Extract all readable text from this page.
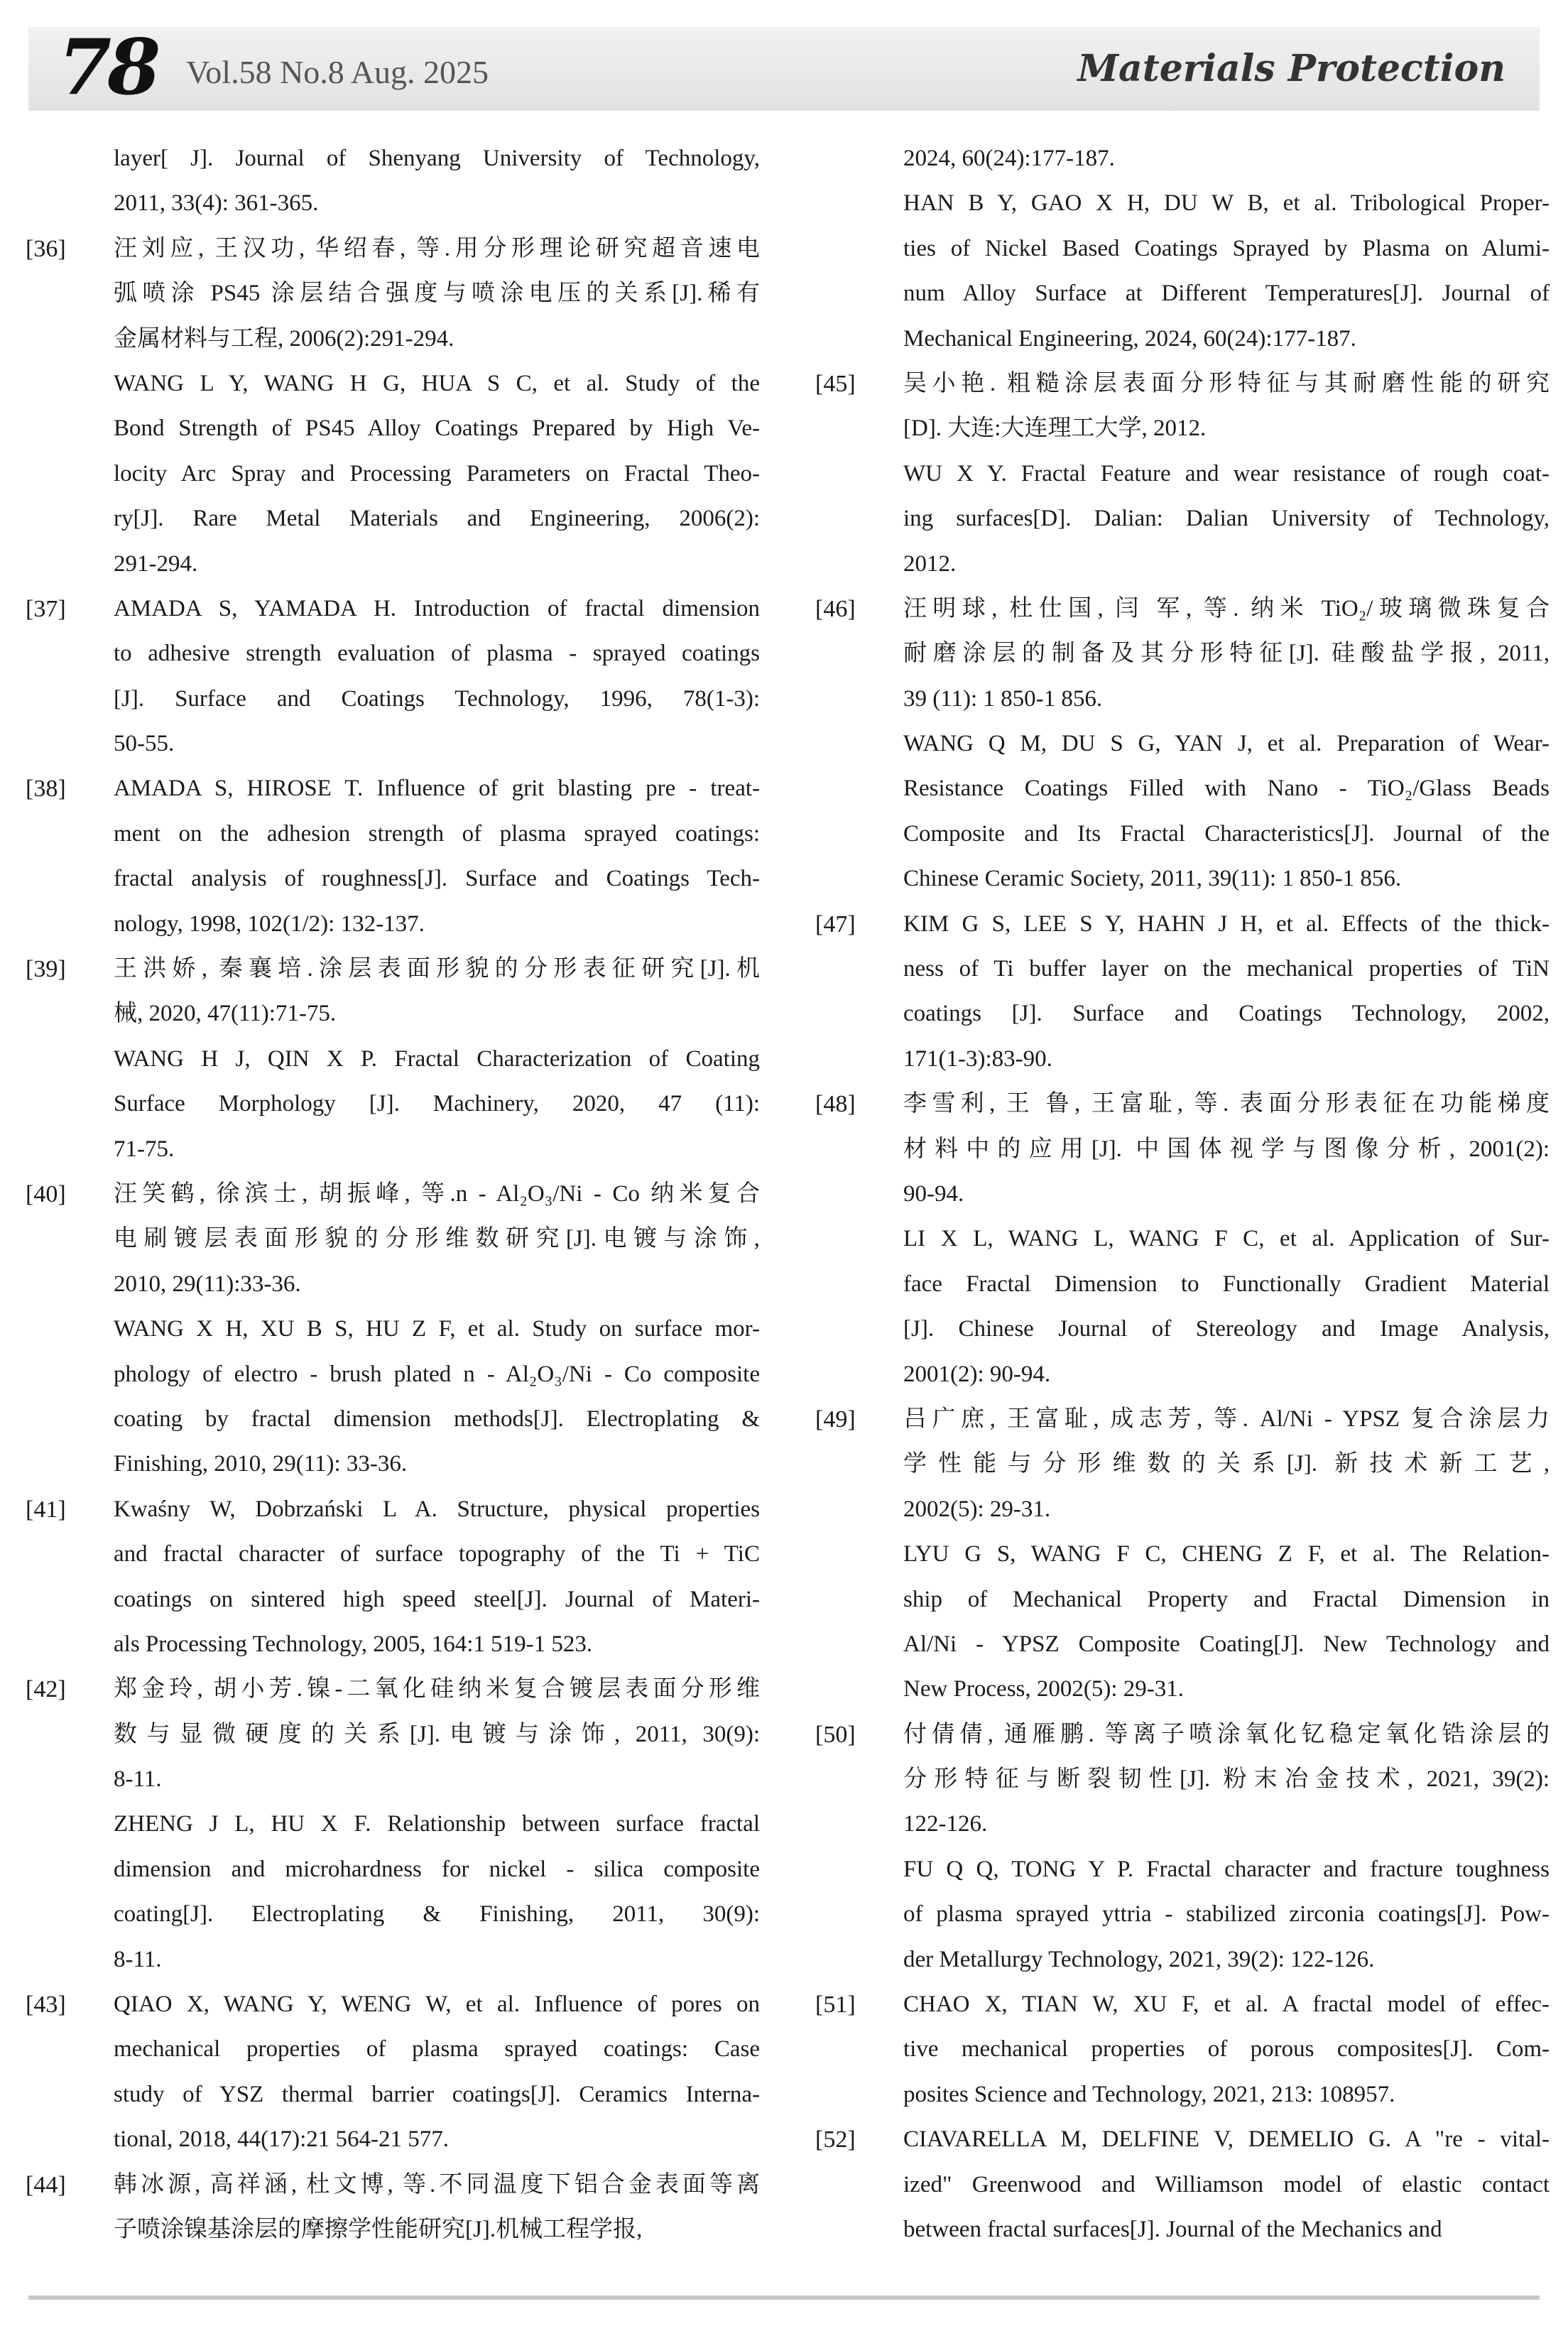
78 Vol.58 No.8 Aug. 2025	Materials Protection
layer[ J]. Journal of Shenyang University of Technology,
2011, 33(4): 361-365.
[36]	汪刘应, 王汉功, 华绍春, 等.用分形理论研究超音速电
弧喷涂 PS45 涂层结合强度与喷涂电压的关系[J].稀有
金属材料与工程, 2006(2):291-294.
WANG L Y, WANG H G, HUA S C, et al. Study of the
Bond Strength of PS45 Alloy Coatings Prepared by High Ve-
locity Arc Spray and Processing Parameters on Fractal Theo-
ry[J]. Rare Metal Materials and Engineering, 2006(2):
291-294.
[37]	AMADA S, YAMADA H. Introduction of fractal dimension
to adhesive strength evaluation of plasma - sprayed coatings
[J]. Surface and Coatings Technology, 1996, 78(1-3):
50-55.
[38]	AMADA S, HIROSE T. Influence of grit blasting pre - treat-
ment on the adhesion strength of plasma sprayed coatings:
fractal analysis of roughness[J]. Surface and Coatings Tech-
nology, 1998, 102(1/2): 132-137.
[39]	王洪娇, 秦襄培.涂层表面形貌的分形表征研究[J].机
械, 2020, 47(11):71-75.
WANG H J, QIN X P. Fractal Characterization of Coating
Surface Morphology [J]. Machinery, 2020, 47 (11):
71-75.
[40]	汪笑鹤, 徐滨士, 胡振峰, 等.n - Al₂O₃/Ni - Co 纳米复合
电刷镀层表面形貌的分形维数研究[J].电镀与涂饰,
2010, 29(11):33-36.
WANG X H, XU B S, HU Z F, et al. Study on surface mor-
phology of electro - brush plated n - Al₂O₃/Ni - Co composite
coating by fractal dimension methods[J]. Electroplating &
Finishing, 2010, 29(11): 33-36.
[41]	Kwaśny W, Dobrzański L A. Structure, physical properties
and fractal character of surface topography of the Ti + TiC
coatings on sintered high speed steel[J]. Journal of Materi-
als Processing Technology, 2005, 164:1 519-1 523.
[42]	郑金玲, 胡小芳.镍-二氧化硅纳米复合镀层表面分形维
数与显微硬度的关系[J].电镀与涂饰, 2011, 30(9):
8-11.
ZHENG J L, HU X F. Relationship between surface fractal
dimension and microhardness for nickel - silica composite
coating[J]. Electroplating & Finishing, 2011, 30(9):
8-11.
[43]	QIAO X, WANG Y, WENG W, et al. Influence of pores on
mechanical properties of plasma sprayed coatings: Case
study of YSZ thermal barrier coatings[J]. Ceramics Interna-
tional, 2018, 44(17):21 564-21 577.
[44]	韩冰源, 高祥涵, 杜文博, 等.不同温度下铝合金表面等离
子喷涂镍基涂层的摩擦学性能研究[J].机械工程学报,
2024, 60(24):177-187.
HAN B Y, GAO X H, DU W B, et al. Tribological Proper-
ties of Nickel Based Coatings Sprayed by Plasma on Alumi-
num Alloy Surface at Different Temperatures[J]. Journal of
Mechanical Engineering, 2024, 60(24):177-187.
[45]	吴小艳. 粗糙涂层表面分形特征与其耐磨性能的研究
[D]. 大连:大连理工大学, 2012.
WU X Y. Fractal Feature and wear resistance of rough coat-
ing surfaces[D]. Dalian: Dalian University of Technology,
2012.
[46]	汪明球, 杜仕国, 闫 军, 等. 纳米 TiO₂/玻璃微珠复合
耐磨涂层的制备及其分形特征[J]. 硅酸盐学报, 2011,
39 (11): 1 850-1 856.
WANG Q M, DU S G, YAN J, et al. Preparation of Wear-
Resistance Coatings Filled with Nano - TiO₂/Glass Beads
Composite and Its Fractal Characteristics[J]. Journal of the
Chinese Ceramic Society, 2011, 39(11): 1 850-1 856.
[47]	KIM G S, LEE S Y, HAHN J H, et al. Effects of the thick-
ness of Ti buffer layer on the mechanical properties of TiN
coatings [J]. Surface and Coatings Technology, 2002,
171(1-3):83-90.
[48]	李雪利, 王 鲁, 王富耻, 等. 表面分形表征在功能梯度
材料中的应用[J]. 中国体视学与图像分析, 2001(2):
90-94.
LI X L, WANG L, WANG F C, et al. Application of Sur-
face Fractal Dimension to Functionally Gradient Material
[J]. Chinese Journal of Stereology and Image Analysis,
2001(2): 90-94.
[49]	吕广庶, 王富耻, 成志芳, 等. Al/Ni - YPSZ 复合涂层力
学性能与分形维数的关系[J]. 新技术新工艺,
2002(5): 29-31.
LYU G S, WANG F C, CHENG Z F, et al. The Relation-
ship of Mechanical Property and Fractal Dimension in
Al/Ni - YPSZ Composite Coating[J]. New Technology and
New Process, 2002(5): 29-31.
[50]	付倩倩, 通雁鹏. 等离子喷涂氧化钇稳定氧化锆涂层的
分形特征与断裂韧性[J]. 粉末冶金技术, 2021, 39(2):
122-126.
FU Q Q, TONG Y P. Fractal character and fracture toughness
of plasma sprayed yttria - stabilized zirconia coatings[J]. Pow-
der Metallurgy Technology, 2021, 39(2): 122-126.
[51]	CHAO X, TIAN W, XU F, et al. A fractal model of effec-
tive mechanical properties of porous composites[J]. Com-
posites Science and Technology, 2021, 213: 108957.
[52]	CIAVARELLA M, DELFINE V, DEMELIO G. A "re - vital-
ized" Greenwood and Williamson model of elastic contact
between fractal surfaces[J]. Journal of the Mechanics and
